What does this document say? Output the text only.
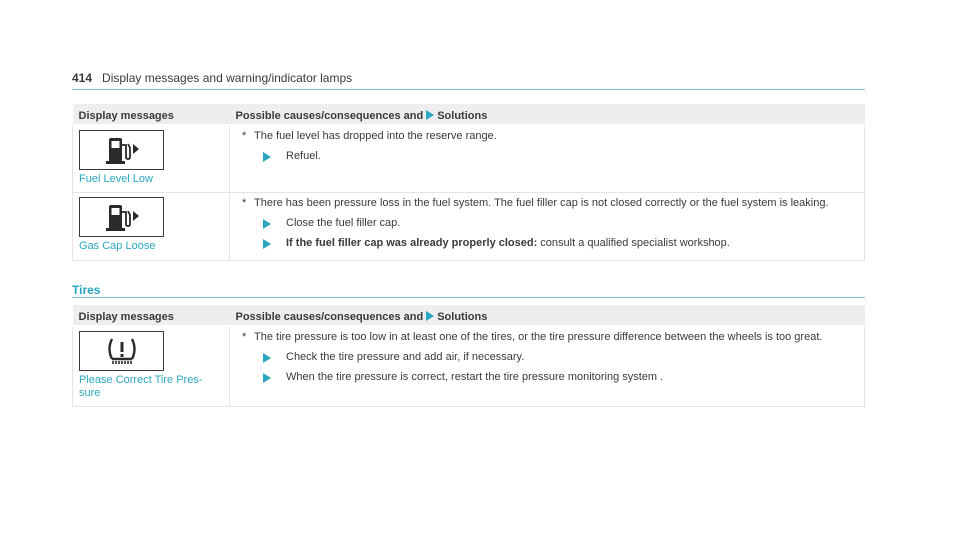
414 Display messages and warning/indicator lamps
Display messages	Possible causes/consequences and Solutions

Fuel Level Low	* The fuel level has dropped into the reserve range.
Refuel.

Gas Cap Loose	* There has been pressure loss in the fuel system. The fuel filler cap is not closed correctly or the fuel system is leaking.
Close the fuel filler cap.
If the fuel filler cap was already properly closed: consult a qualified specialist workshop.
Tires
Display messages	Possible causes/consequences and Solutions

Please Correct Tire Pres- sure	* The tire pressure is too low in at least one of the tires, or the tire pressure difference between the wheels is too great.
Check the tire pressure and add air, if necessary.
When the tire pressure is correct, restart the tire pressure monitoring system .
